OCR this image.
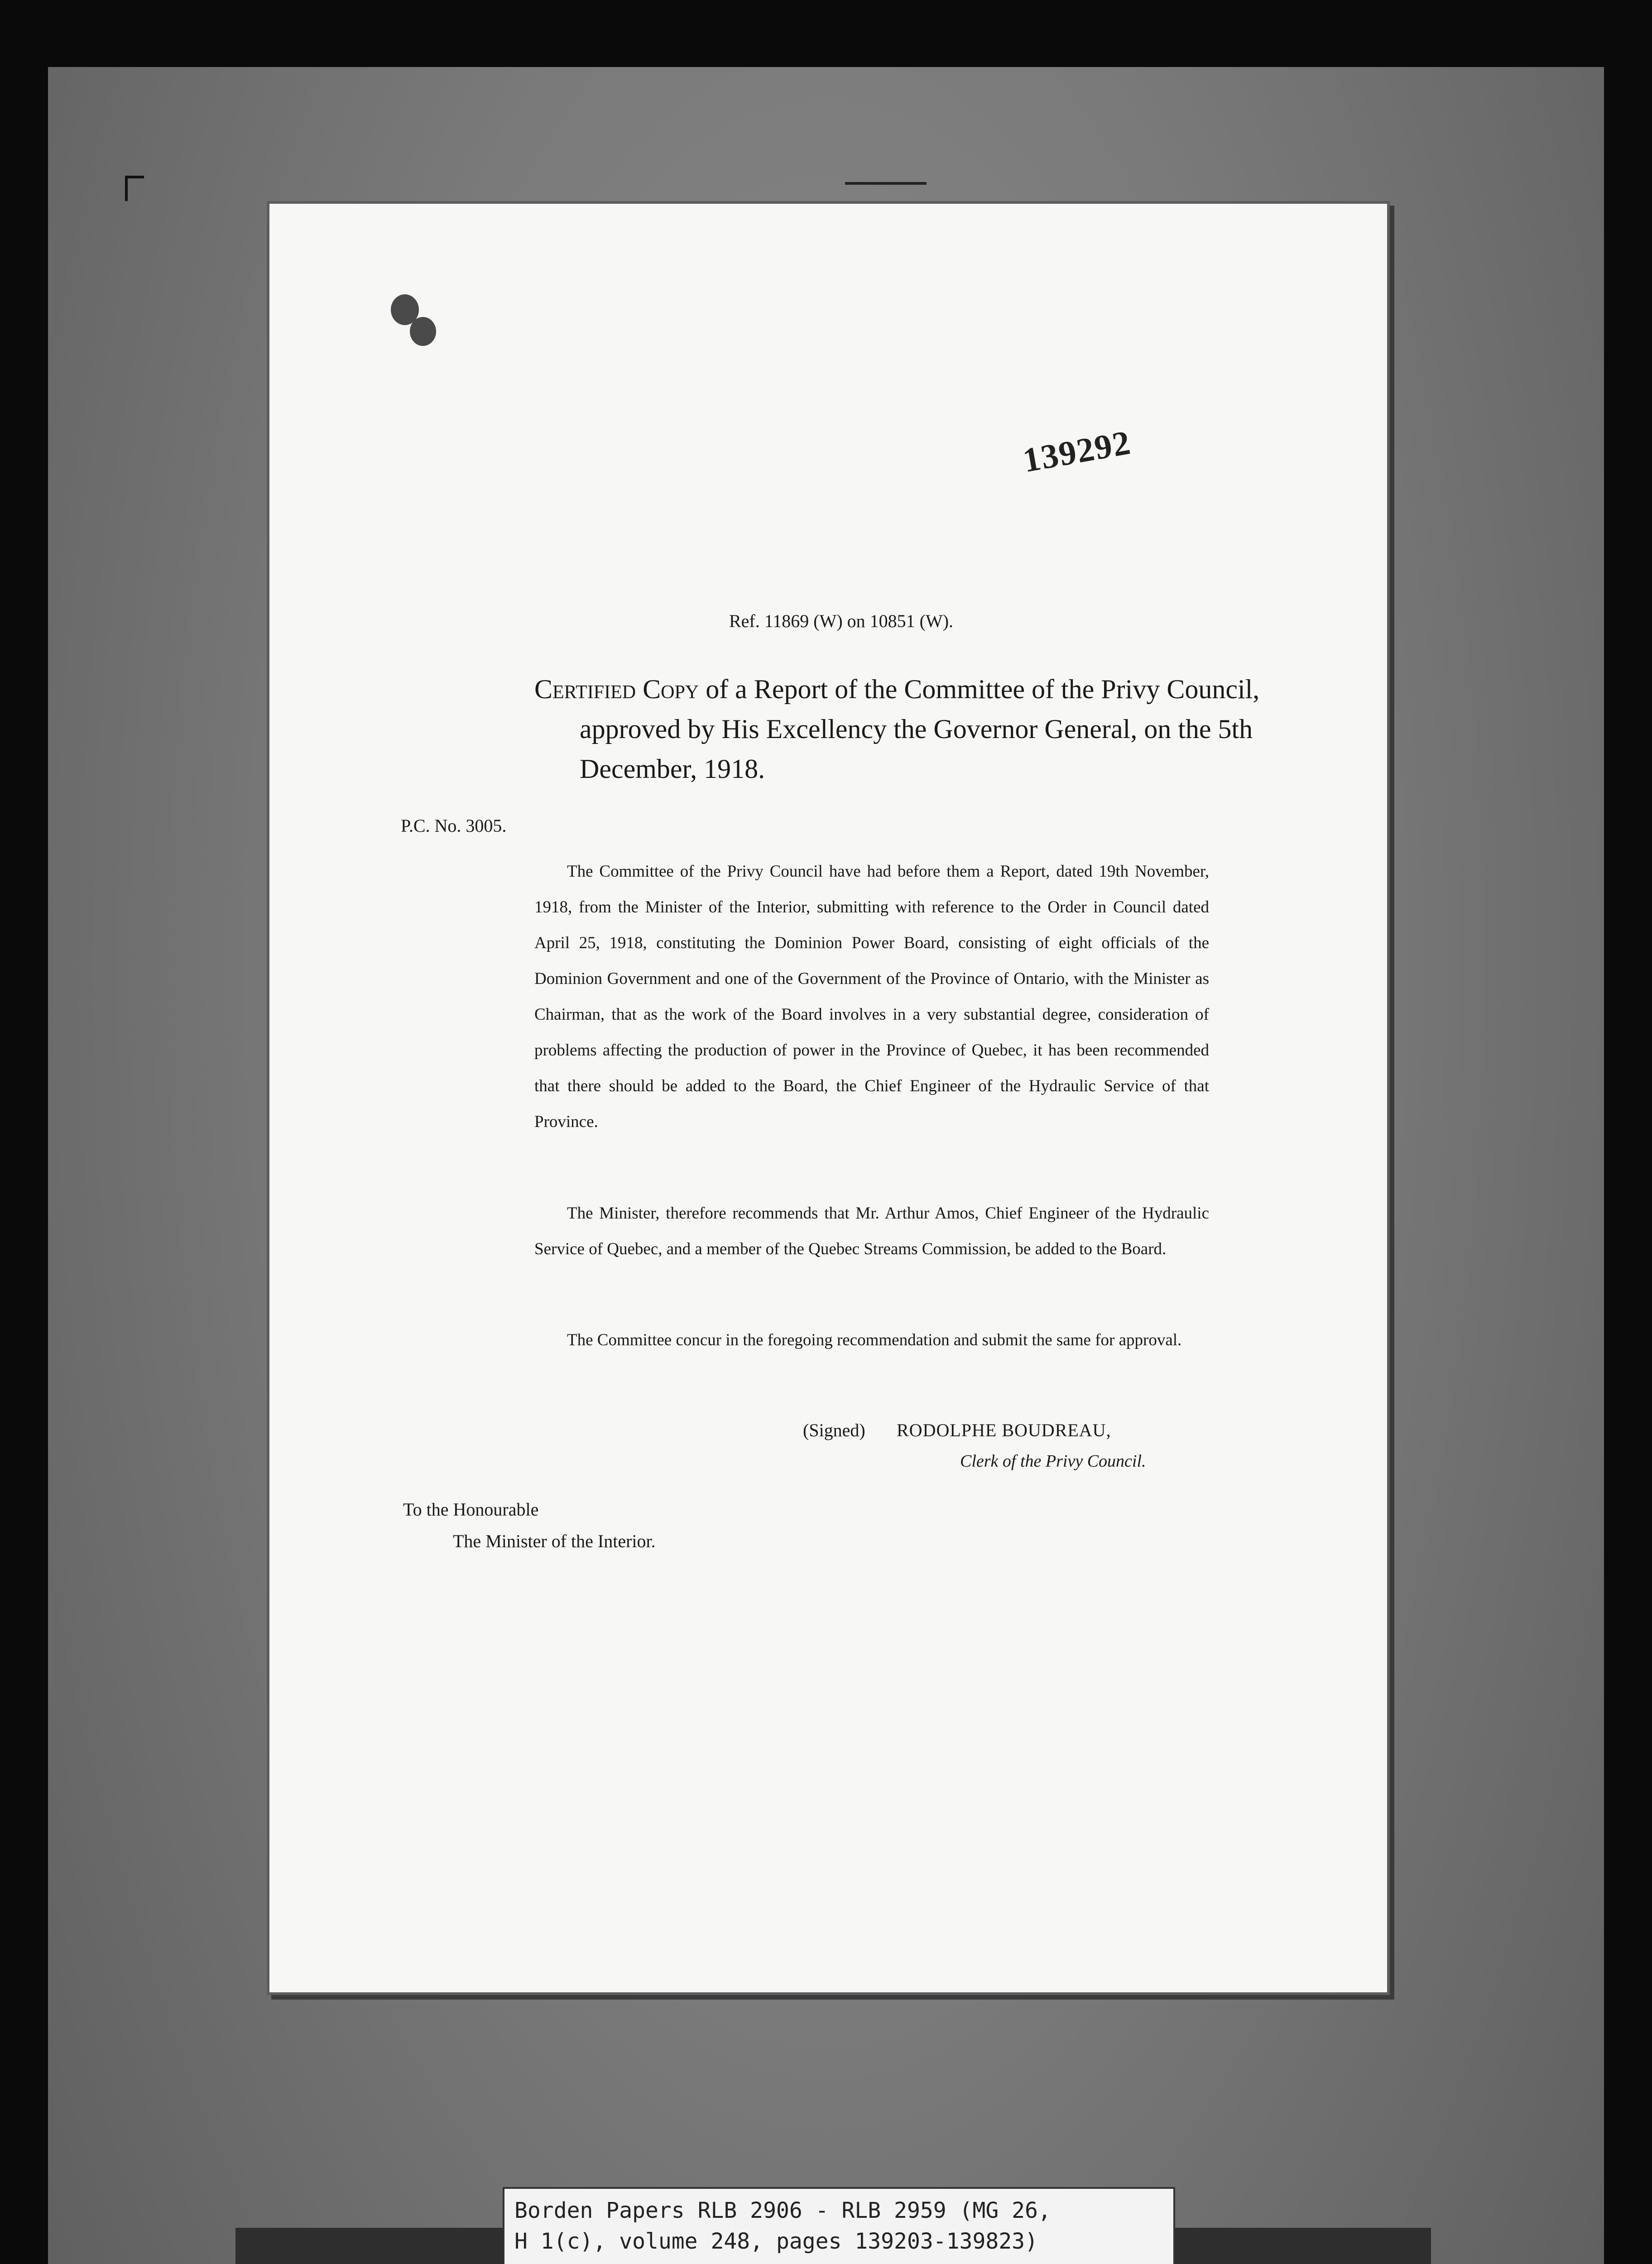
139292
Ref. 11869 (W) on 10851 (W).
Certified Copy of a Report of the Committee of the Privy Council, approved by His Excellency the Governor General, on the 5th December, 1918.
P.C. No. 3005.
The Committee of the Privy Council have had before them a Report, dated 19th November, 1918, from the Minister of the Interior, submitting with reference to the Order in Council dated April 25, 1918, constituting the Dominion Power Board, consisting of eight officials of the Dominion Government and one of the Government of the Province of Ontario, with the Minister as Chairman, that as the work of the Board involves in a very substantial degree, consideration of problems affecting the production of power in the Province of Quebec, it has been recommended that there should be added to the Board, the Chief Engineer of the Hydraulic Service of that Province.
The Minister, therefore recommends that Mr. Arthur Amos, Chief Engineer of the Hydraulic Service of Quebec, and a member of the Quebec Streams Commission, be added to the Board.
The Committee concur in the foregoing recommendation and submit the same for approval.
(Signed) RODOLPHE BOUDREAU,
Clerk of the Privy Council.
To the Honourable
The Minister of the Interior.
Borden Papers RLB 2906 - RLB 2959 (MG 26,
H 1(c), volume 248, pages 139203-139823)
